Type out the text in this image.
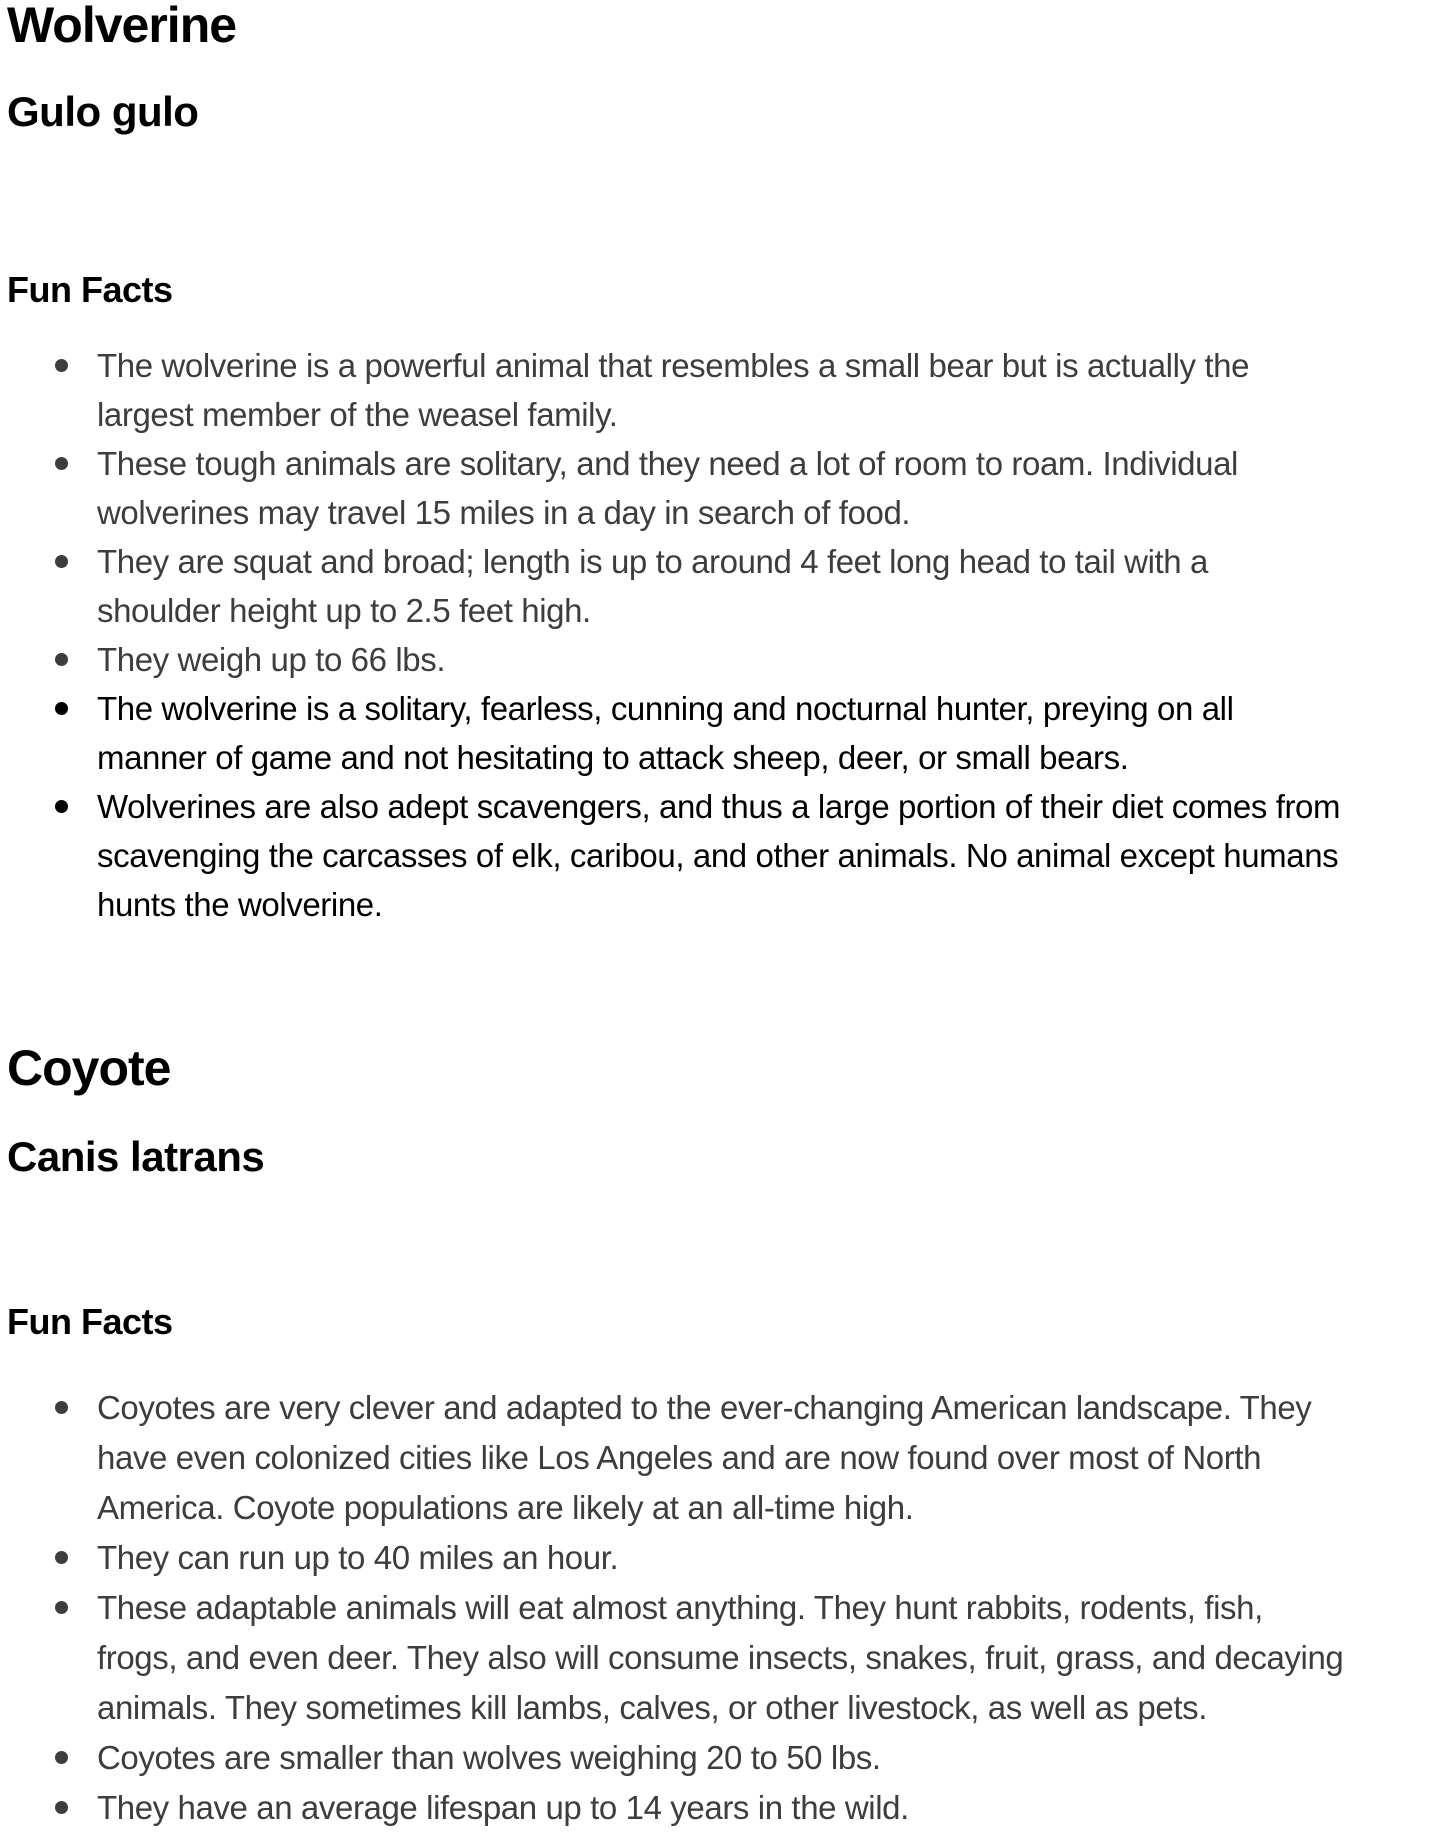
Wolverine
Gulo gulo
Fun Facts
The wolverine is a powerful animal that resembles a small bear but is actually the
largest member of the weasel family.
These tough animals are solitary, and they need a lot of room to roam. Individual
wolverines may travel 15 miles in a day in search of food.
They are squat and broad; length is up to around 4 feet long head to tail with a
shoulder height up to 2.5 feet high.
They weigh up to 66 lbs.
The wolverine is a solitary, fearless, cunning and nocturnal hunter, preying on all
manner of game and not hesitating to attack sheep, deer, or small bears.
Wolverines are also adept scavengers, and thus a large portion of their diet comes from
scavenging the carcasses of elk, caribou, and other animals. No animal except humans
hunts the wolverine.
Coyote
Canis latrans
Fun Facts
Coyotes are very clever and adapted to the ever-changing American landscape. They
have even colonized cities like Los Angeles and are now found over most of North
America. Coyote populations are likely at an all-time high.
They can run up to 40 miles an hour.
These adaptable animals will eat almost anything. They hunt rabbits, rodents, fish,
frogs, and even deer. They also will consume insects, snakes, fruit, grass, and decaying
animals. They sometimes kill lambs, calves, or other livestock, as well as pets.
Coyotes are smaller than wolves weighing 20 to 50 lbs.
They have an average lifespan up to 14 years in the wild.
